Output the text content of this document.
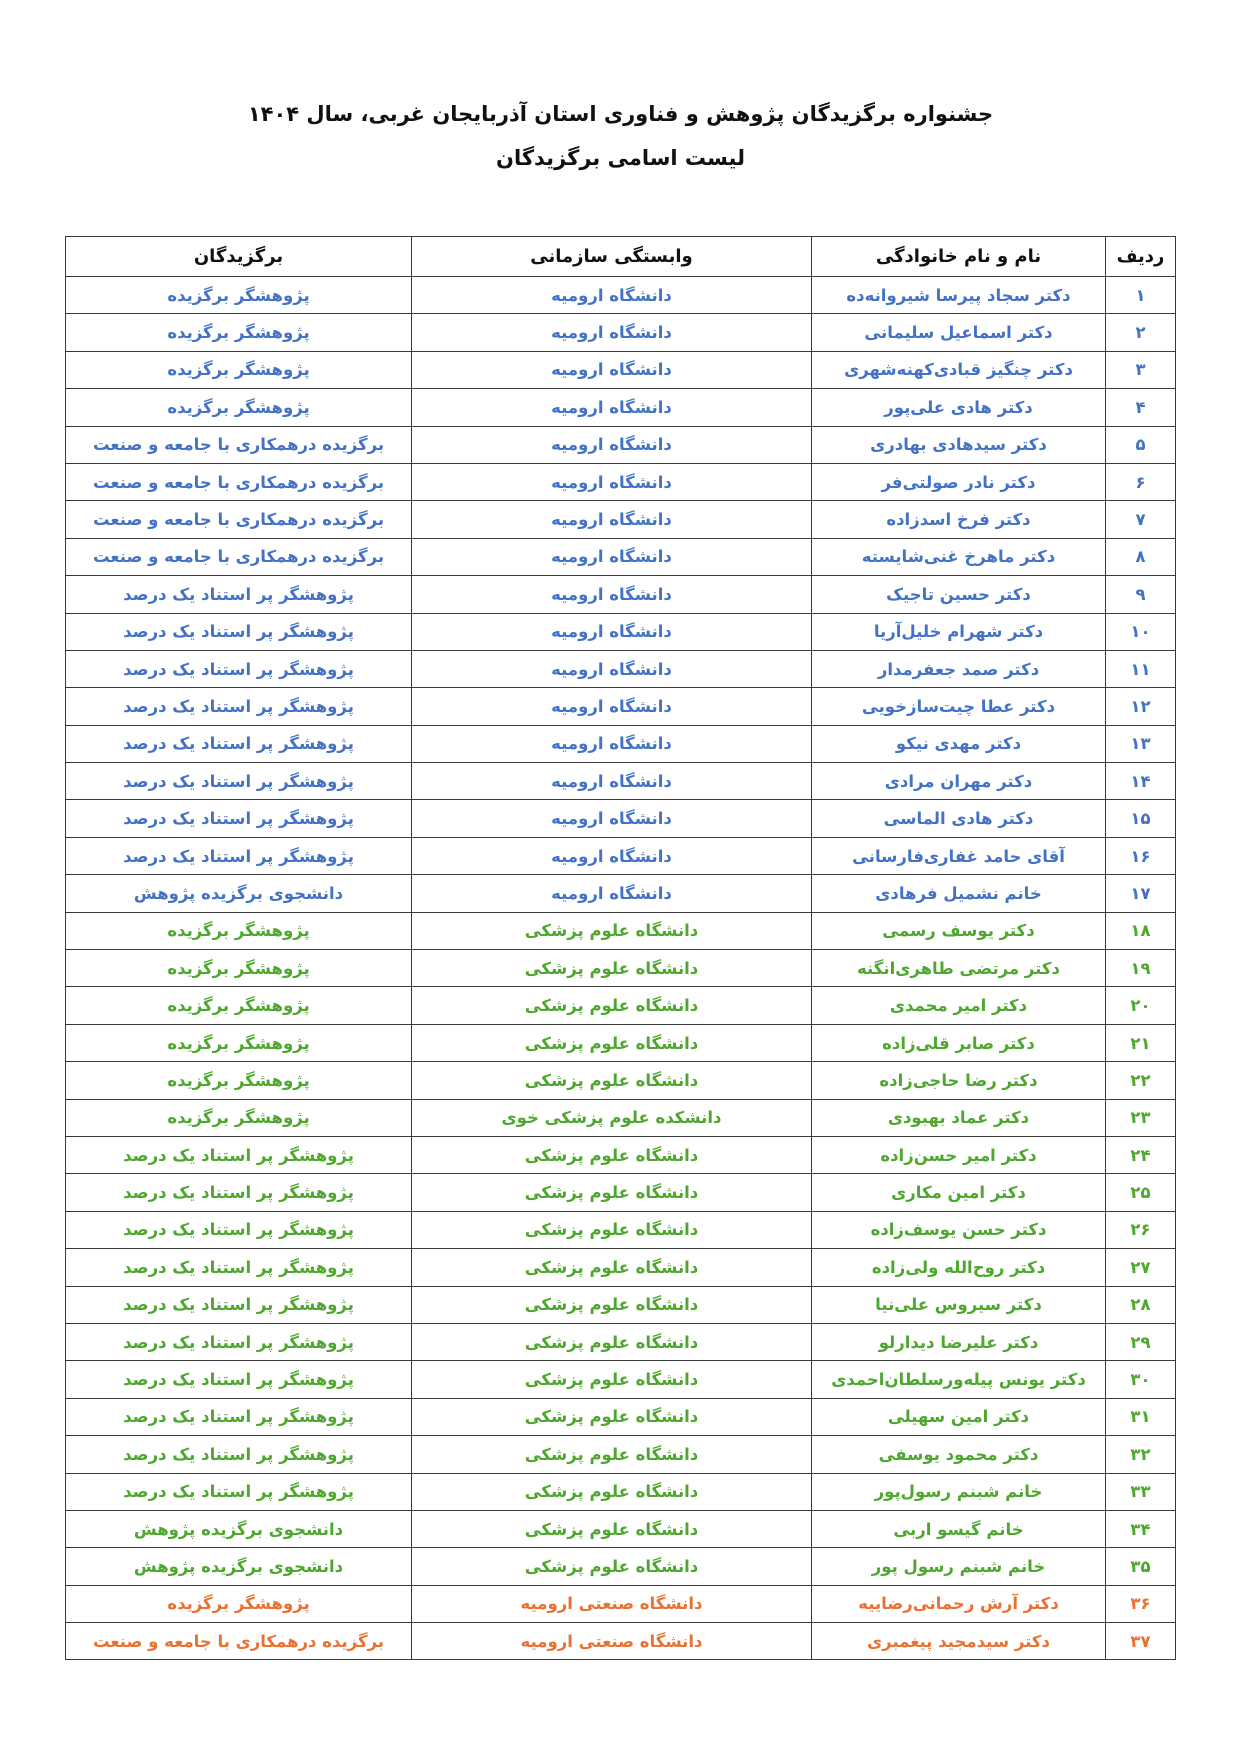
جشنواره برگزیدگان پژوهش و فناوری استان آذربایجان غربی، سال ۱۴۰۴
لیست اسامی برگزیدگان
ردیف	نام و نام خانوادگی	وابستگی سازمانی	برگزیدگان
۱	دکتر سجاد پیرسا شیروانه‌ده	دانشگاه ارومیه	پژوهشگر برگزیده
۲	دکتر اسماعیل سلیمانی	دانشگاه ارومیه	پژوهشگر برگزیده
۳	دکتر چنگیز قبادی‌کهنه‌شهری	دانشگاه ارومیه	پژوهشگر برگزیده
۴	دکتر هادی علی‌پور	دانشگاه ارومیه	پژوهشگر برگزیده
۵	دکتر سیدهادی بهادری	دانشگاه ارومیه	برگزیده درهمکاری با جامعه و صنعت
۶	دکتر نادر صولتی‌فر	دانشگاه ارومیه	برگزیده درهمکاری با جامعه و صنعت
۷	دکتر فرخ اسدزاده	دانشگاه ارومیه	برگزیده درهمکاری با جامعه و صنعت
۸	دکتر ماهرخ غنی‌شایسته	دانشگاه ارومیه	برگزیده درهمکاری با جامعه و صنعت
۹	دکتر حسین تاجیک	دانشگاه ارومیه	پژوهشگر پر استناد یک درصد
۱۰	دکتر شهرام خلیل‌آریا	دانشگاه ارومیه	پژوهشگر پر استناد یک درصد
۱۱	دکتر صمد جعفرمدار	دانشگاه ارومیه	پژوهشگر پر استناد یک درصد
۱۲	دکتر عطا چیت‌سازخویی	دانشگاه ارومیه	پژوهشگر پر استناد یک درصد
۱۳	دکتر مهدی نیکو	دانشگاه ارومیه	پژوهشگر پر استناد یک درصد
۱۴	دکتر مهران مرادی	دانشگاه ارومیه	پژوهشگر پر استناد یک درصد
۱۵	دکتر هادی الماسی	دانشگاه ارومیه	پژوهشگر پر استناد یک درصد
۱۶	آقای حامد غفاری‌فارسانی	دانشگاه ارومیه	پژوهشگر پر استناد یک درصد
۱۷	خانم نشمیل فرهادی	دانشگاه ارومیه	دانشجوی برگزیده پژوهش
۱۸	دکتر یوسف رسمی	دانشگاه علوم پزشکی	پژوهشگر برگزیده
۱۹	دکتر مرتضی طاهری‌انگنه	دانشگاه علوم پزشکی	پژوهشگر برگزیده
۲۰	دکتر امیر محمدی	دانشگاه علوم پزشکی	پژوهشگر برگزیده
۲۱	دکتر صابر قلی‌زاده	دانشگاه علوم پزشکی	پژوهشگر برگزیده
۲۲	دکتر رضا حاجی‌زاده	دانشگاه علوم پزشکی	پژوهشگر برگزیده
۲۳	دکتر عماد بهبودی	دانشکده علوم پزشکی خوی	پژوهشگر برگزیده
۲۴	دکتر امیر حسن‌زاده	دانشگاه علوم پزشکی	پژوهشگر پر استناد یک درصد
۲۵	دکتر امین مکاری	دانشگاه علوم پزشکی	پژوهشگر پر استناد یک درصد
۲۶	دکتر حسن یوسف‌زاده	دانشگاه علوم پزشکی	پژوهشگر پر استناد یک درصد
۲۷	دکتر روح‌الله ولی‌زاده	دانشگاه علوم پزشکی	پژوهشگر پر استناد یک درصد
۲۸	دکتر سیروس علی‌نیا	دانشگاه علوم پزشکی	پژوهشگر پر استناد یک درصد
۲۹	دکتر علیرضا دیدارلو	دانشگاه علوم پزشکی	پژوهشگر پر استناد یک درصد
۳۰	دکتر یونس پیله‌ورسلطان‌احمدی	دانشگاه علوم پزشکی	پژوهشگر پر استناد یک درصد
۳۱	دکتر امین سهیلی	دانشگاه علوم پزشکی	پژوهشگر پر استناد یک درصد
۳۲	دکتر محمود یوسفی	دانشگاه علوم پزشکی	پژوهشگر پر استناد یک درصد
۳۳	خانم شبنم رسول‌پور	دانشگاه علوم پزشکی	پژوهشگر پر استناد یک درصد
۳۴	خانم گیسو اربی	دانشگاه علوم پزشکی	دانشجوی برگزیده پژوهش
۳۵	خانم شبنم رسول پور	دانشگاه علوم پزشکی	دانشجوی برگزیده پژوهش
۳۶	دکتر آرش رحمانی‌رضاییه	دانشگاه صنعتی ارومیه	پژوهشگر برگزیده
۳۷	دکتر سیدمجید پیغمبری	دانشگاه صنعتی ارومیه	برگزیده درهمکاری با جامعه و صنعت
